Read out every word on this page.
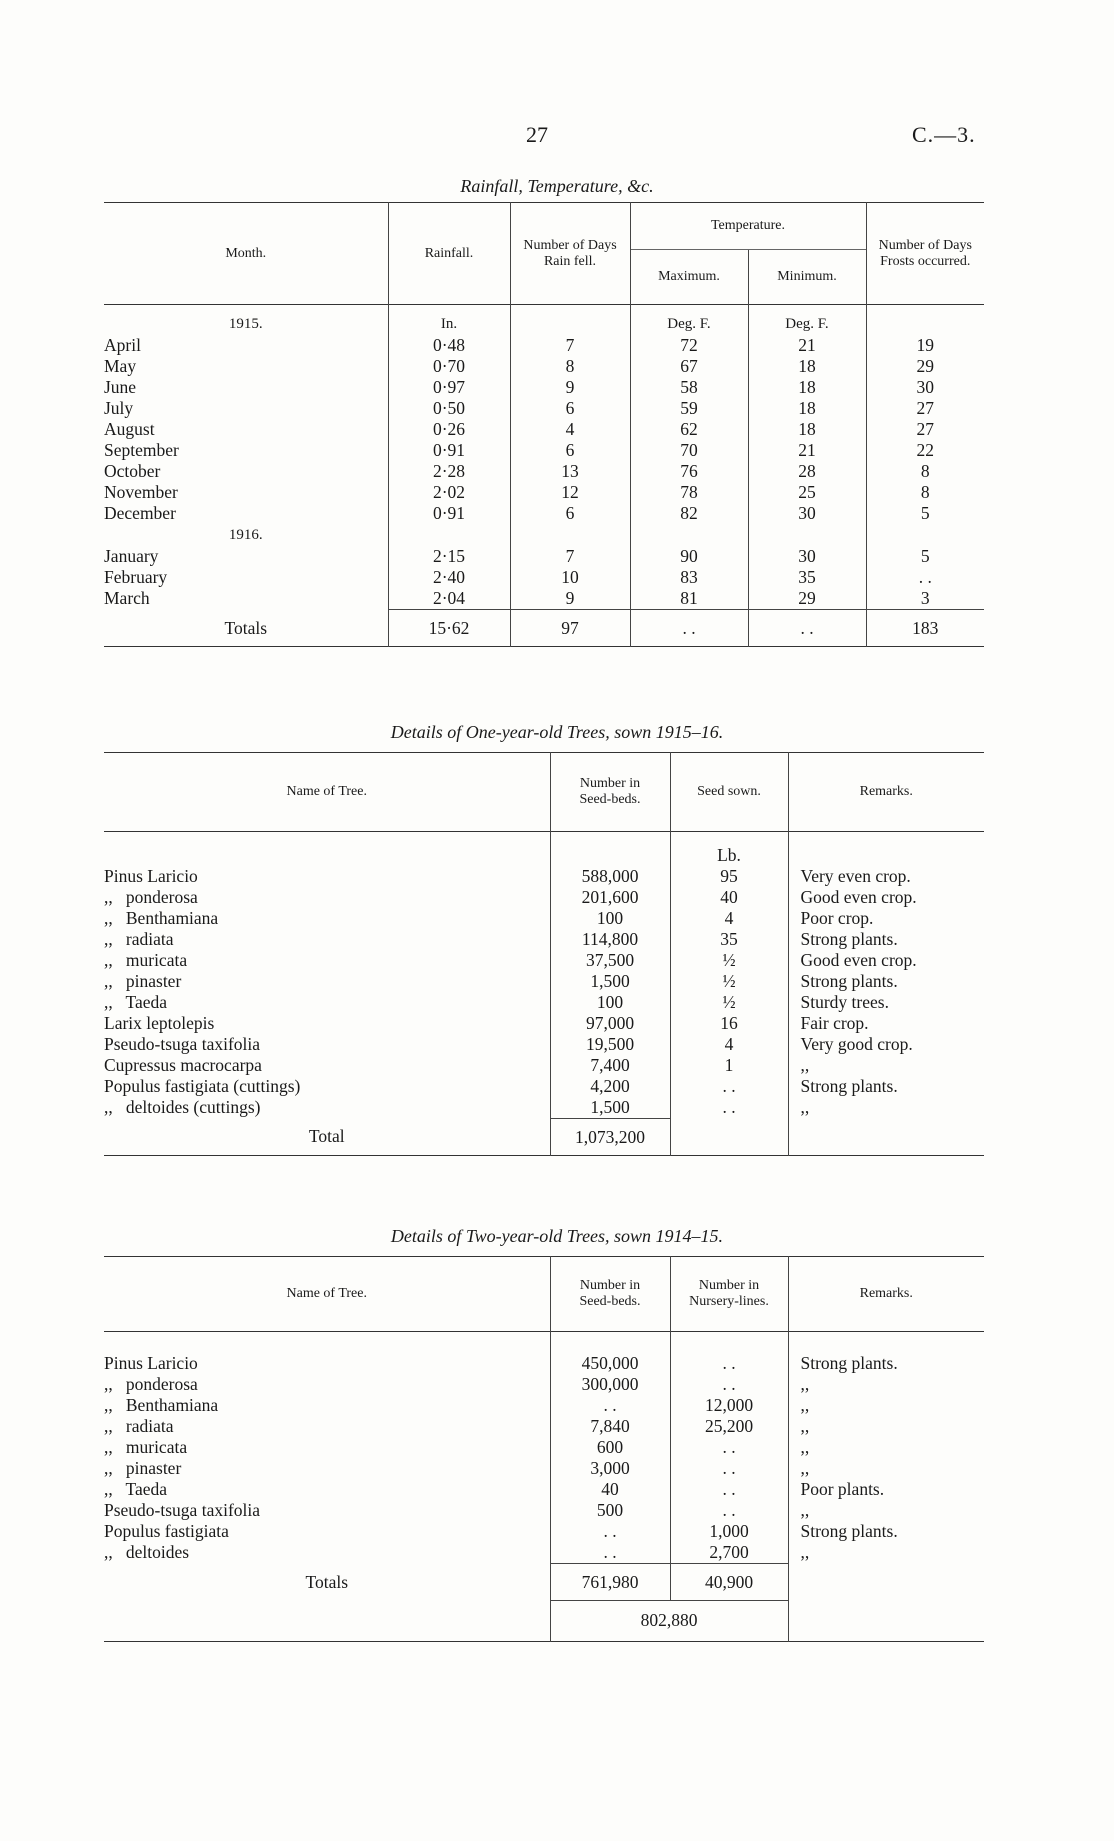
27	C.—3.
Rainfall, Temperature, &c.
Month.	Rainfall.	Number of Days Rain fell.	Temperature.		Number of Days Frosts occurred.
			Maximum.	Minimum.	
1915.	In.		Deg. F.	Deg. F.	
April	0·48	7	72	21	19
May	0·70	8	67	18	29
June	0·97	9	58	18	30
July	0·50	6	59	18	27
August	0·26	4	62	18	27
September	0·91	6	70	21	22
October	2·28	13	76	28	8
November	2·02	12	78	25	8
December	0·91	6	82	30	5
1916.					
January	2·15	7	90	30	5
February	2·40	10	83	35	. .
March	2·04	9	81	29	3
Totals	15·62	97	. .	. .	183
Details of One-year-old Trees, sown 1915–16.
Name of Tree.	Number in Seed-beds.	Seed sown.	Remarks.
		Lb.	
Pinus Laricio	588,000	95	Very even crop.
,,   ponderosa	201,600	40	Good even crop.
,,   Benthamiana	100	4	Poor crop.
,,   radiata	114,800	35	Strong plants.
,,   muricata	37,500	½	Good even crop.
,,   pinaster	1,500	½	Strong plants.
,,   Taeda	100	½	Sturdy trees.
Larix leptolepis	97,000	16	Fair crop.
Pseudo-tsuga taxifolia	19,500	4	Very good crop.
Cupressus macrocarpa	7,400	1	,,
Populus fastigiata (cuttings)	4,200	. .	Strong plants.
,,   deltoides (cuttings)	1,500	. .	,,
Total	1,073,200		
Details of Two-year-old Trees, sown 1914–15.
Name of Tree.	Number in Seed-beds.	Number in Nursery-lines.	Remarks.

Pinus Laricio	450,000	. .	Strong plants.
,,   ponderosa	300,000	. .	,,
,,   Benthamiana	. .	12,000	,,
,,   radiata	7,840	25,200	,,
,,   muricata	600	. .	,,
,,   pinaster	3,000	. .	,,
,,   Taeda	40	. .	Poor plants.
Pseudo-tsuga taxifolia	500	. .	,,
Populus fastigiata	. .	1,000	Strong plants.
,,   deltoides	. .	2,700	,,
Totals	761,980	40,900	
	802,880		
